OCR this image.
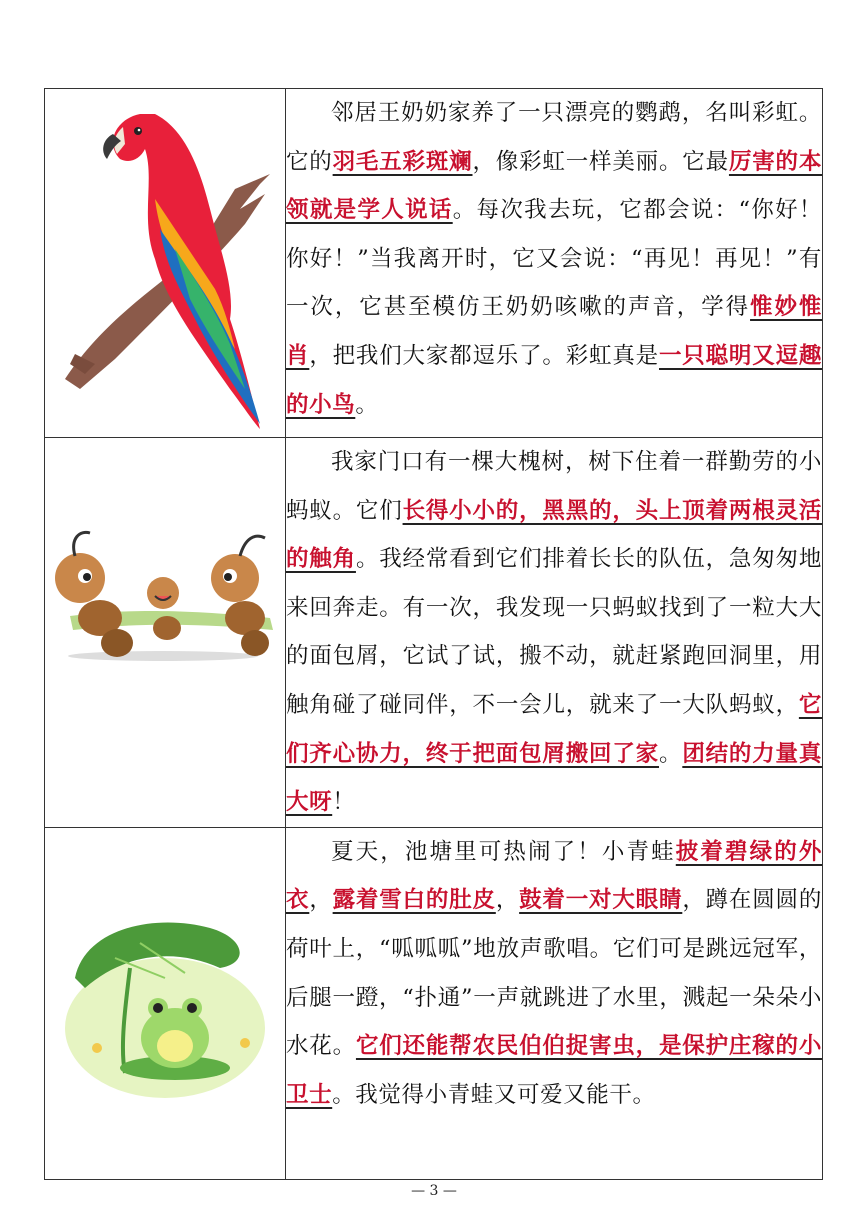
邻居王奶奶家养了一只漂亮的鹦鹉，名叫彩虹。它的羽毛五彩斑斓，像彩虹一样美丽。它最厉害的本领就是学人说话。每次我去玩，它都会说：“你好！你好！”当我离开时，它又会说：“再见！再见！”有一次，它甚至模仿王奶奶咳嗽的声音，学得惟妙惟肖，把我们大家都逗乐了。彩虹真是一只聪明又逗趣的小鸟。

我家门口有一棵大槐树，树下住着一群勤劳的小蚂蚁。它们长得小小的，黑黑的，头上顶着两根灵活的触角。我经常看到它们排着长长的队伍，急匆匆地来回奔走。有一次，我发现一只蚂蚁找到了一粒大大的面包屑，它试了试，搬不动，就赶紧跑回洞里，用触角碰了碰同伴，不一会儿，就来了一大队蚂蚁，它们齐心协力，终于把面包屑搬回了家。团结的力量真大呀！

夏天，池塘里可热闹了！小青蛙披着碧绿的外衣，露着雪白的肚皮，鼓着一对大眼睛，蹲在圆圆的荷叶上，“呱呱呱”地放声歌唱。它们可是跳远冠军，后腿一蹬，“扑通”一声就跳进了水里，溅起一朵朵小水花。它们还能帮农民伯伯捉害虫，是保护庄稼的小卫士。我觉得小青蛙又可爱又能干。

— 3 —
